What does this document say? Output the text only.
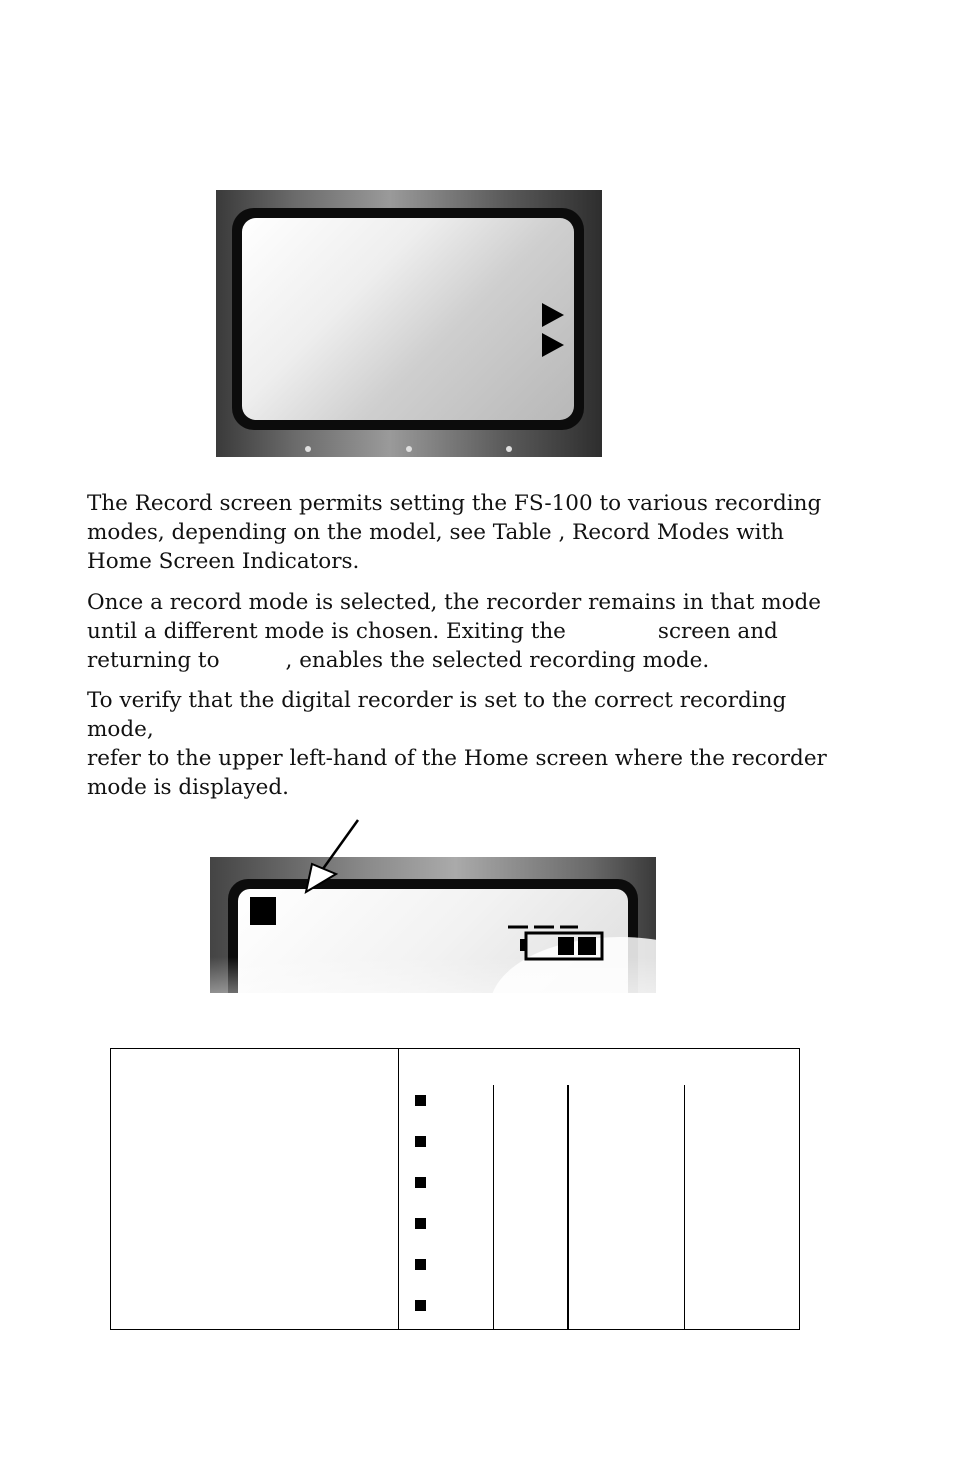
The Record screen permits setting the FS-100 to various recording
modes, depending on the model, see Table , Record Modes with
Home Screen Indicators.

Once a record mode is selected, the recorder remains in that mode
until a different mode is chosen. Exiting the	screen and
returning to	, enables the selected recording mode.

To verify that the digital recorder is set to the correct recording mode,
refer to the upper left-hand of the Home screen where the recorder
mode is displayed.
